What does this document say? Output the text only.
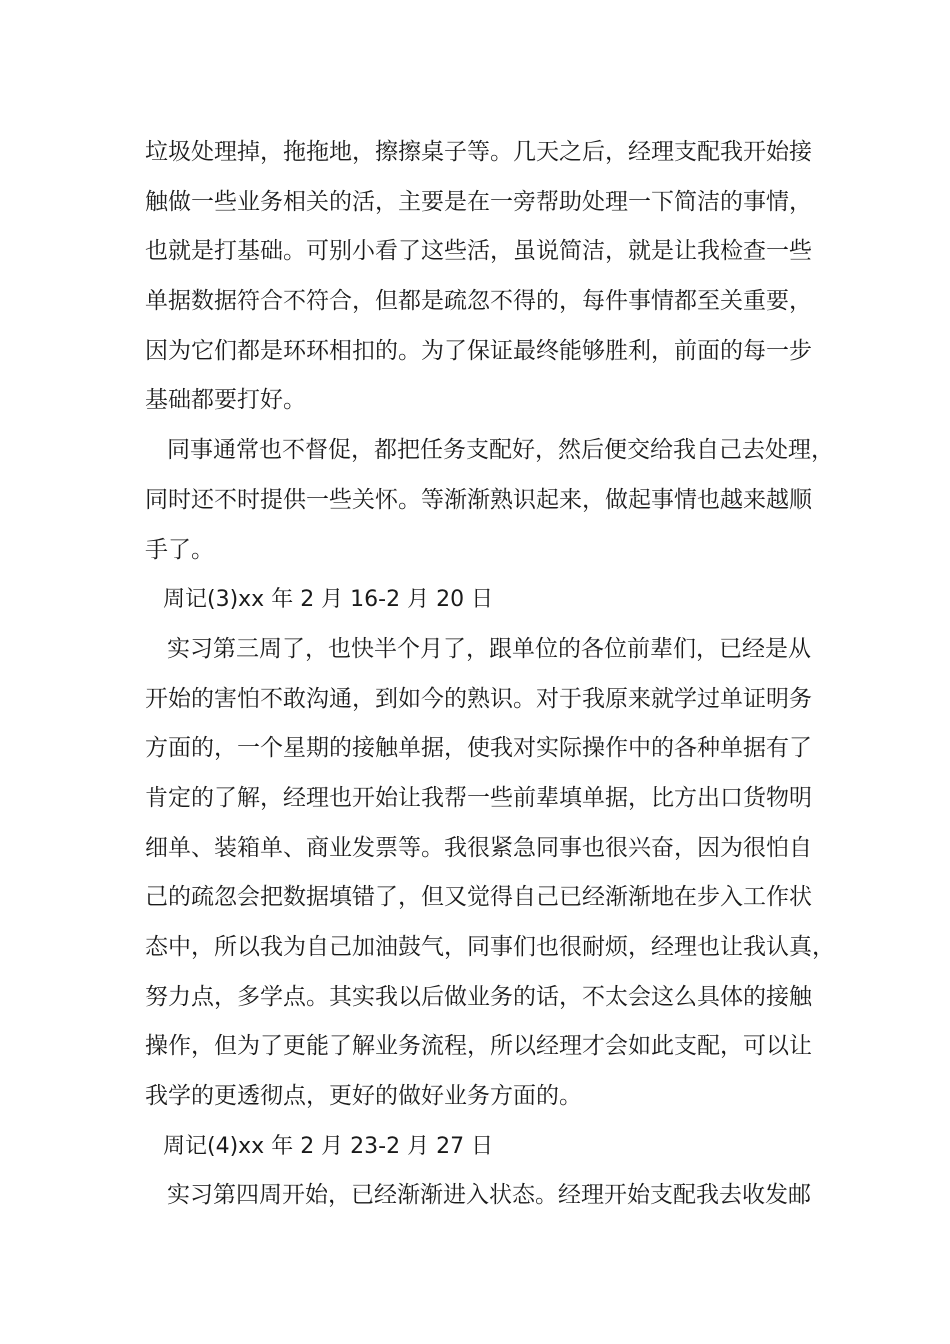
垃圾处理掉，拖拖地，擦擦桌子等。几天之后，经理支配我开始接
触做一些业务相关的活，主要是在一旁帮助处理一下简洁的事情，
也就是打基础。可别小看了这些活，虽说简洁，就是让我检查一些
单据数据符合不符合，但都是疏忽不得的，每件事情都至关重要，
因为它们都是环环相扣的。为了保证最终能够胜利，前面的每一步
基础都要打好。
同事通常也不督促，都把任务支配好，然后便交给我自己去处理，
同时还不时提供一些关怀。等渐渐熟识起来，做起事情也越来越顺
手了。
周记(3)xx 年 2 月 16-2 月 20 日
实习第三周了，也快半个月了，跟单位的各位前辈们，已经是从
开始的害怕不敢沟通，到如今的熟识。对于我原来就学过单证明务
方面的，一个星期的接触单据，使我对实际操作中的各种单据有了
肯定的了解，经理也开始让我帮一些前辈填单据，比方出口货物明
细单、装箱单、商业发票等。我很紧急同事也很兴奋，因为很怕自
己的疏忽会把数据填错了，但又觉得自己已经渐渐地在步入工作状
态中，所以我为自己加油鼓气，同事们也很耐烦，经理也让我认真，
努力点，多学点。其实我以后做业务的话，不太会这么具体的接触
操作，但为了更能了解业务流程，所以经理才会如此支配，可以让
我学的更透彻点，更好的做好业务方面的。
周记(4)xx 年 2 月 23-2 月 27 日
实习第四周开始，已经渐渐进入状态。经理开始支配我去收发邮
